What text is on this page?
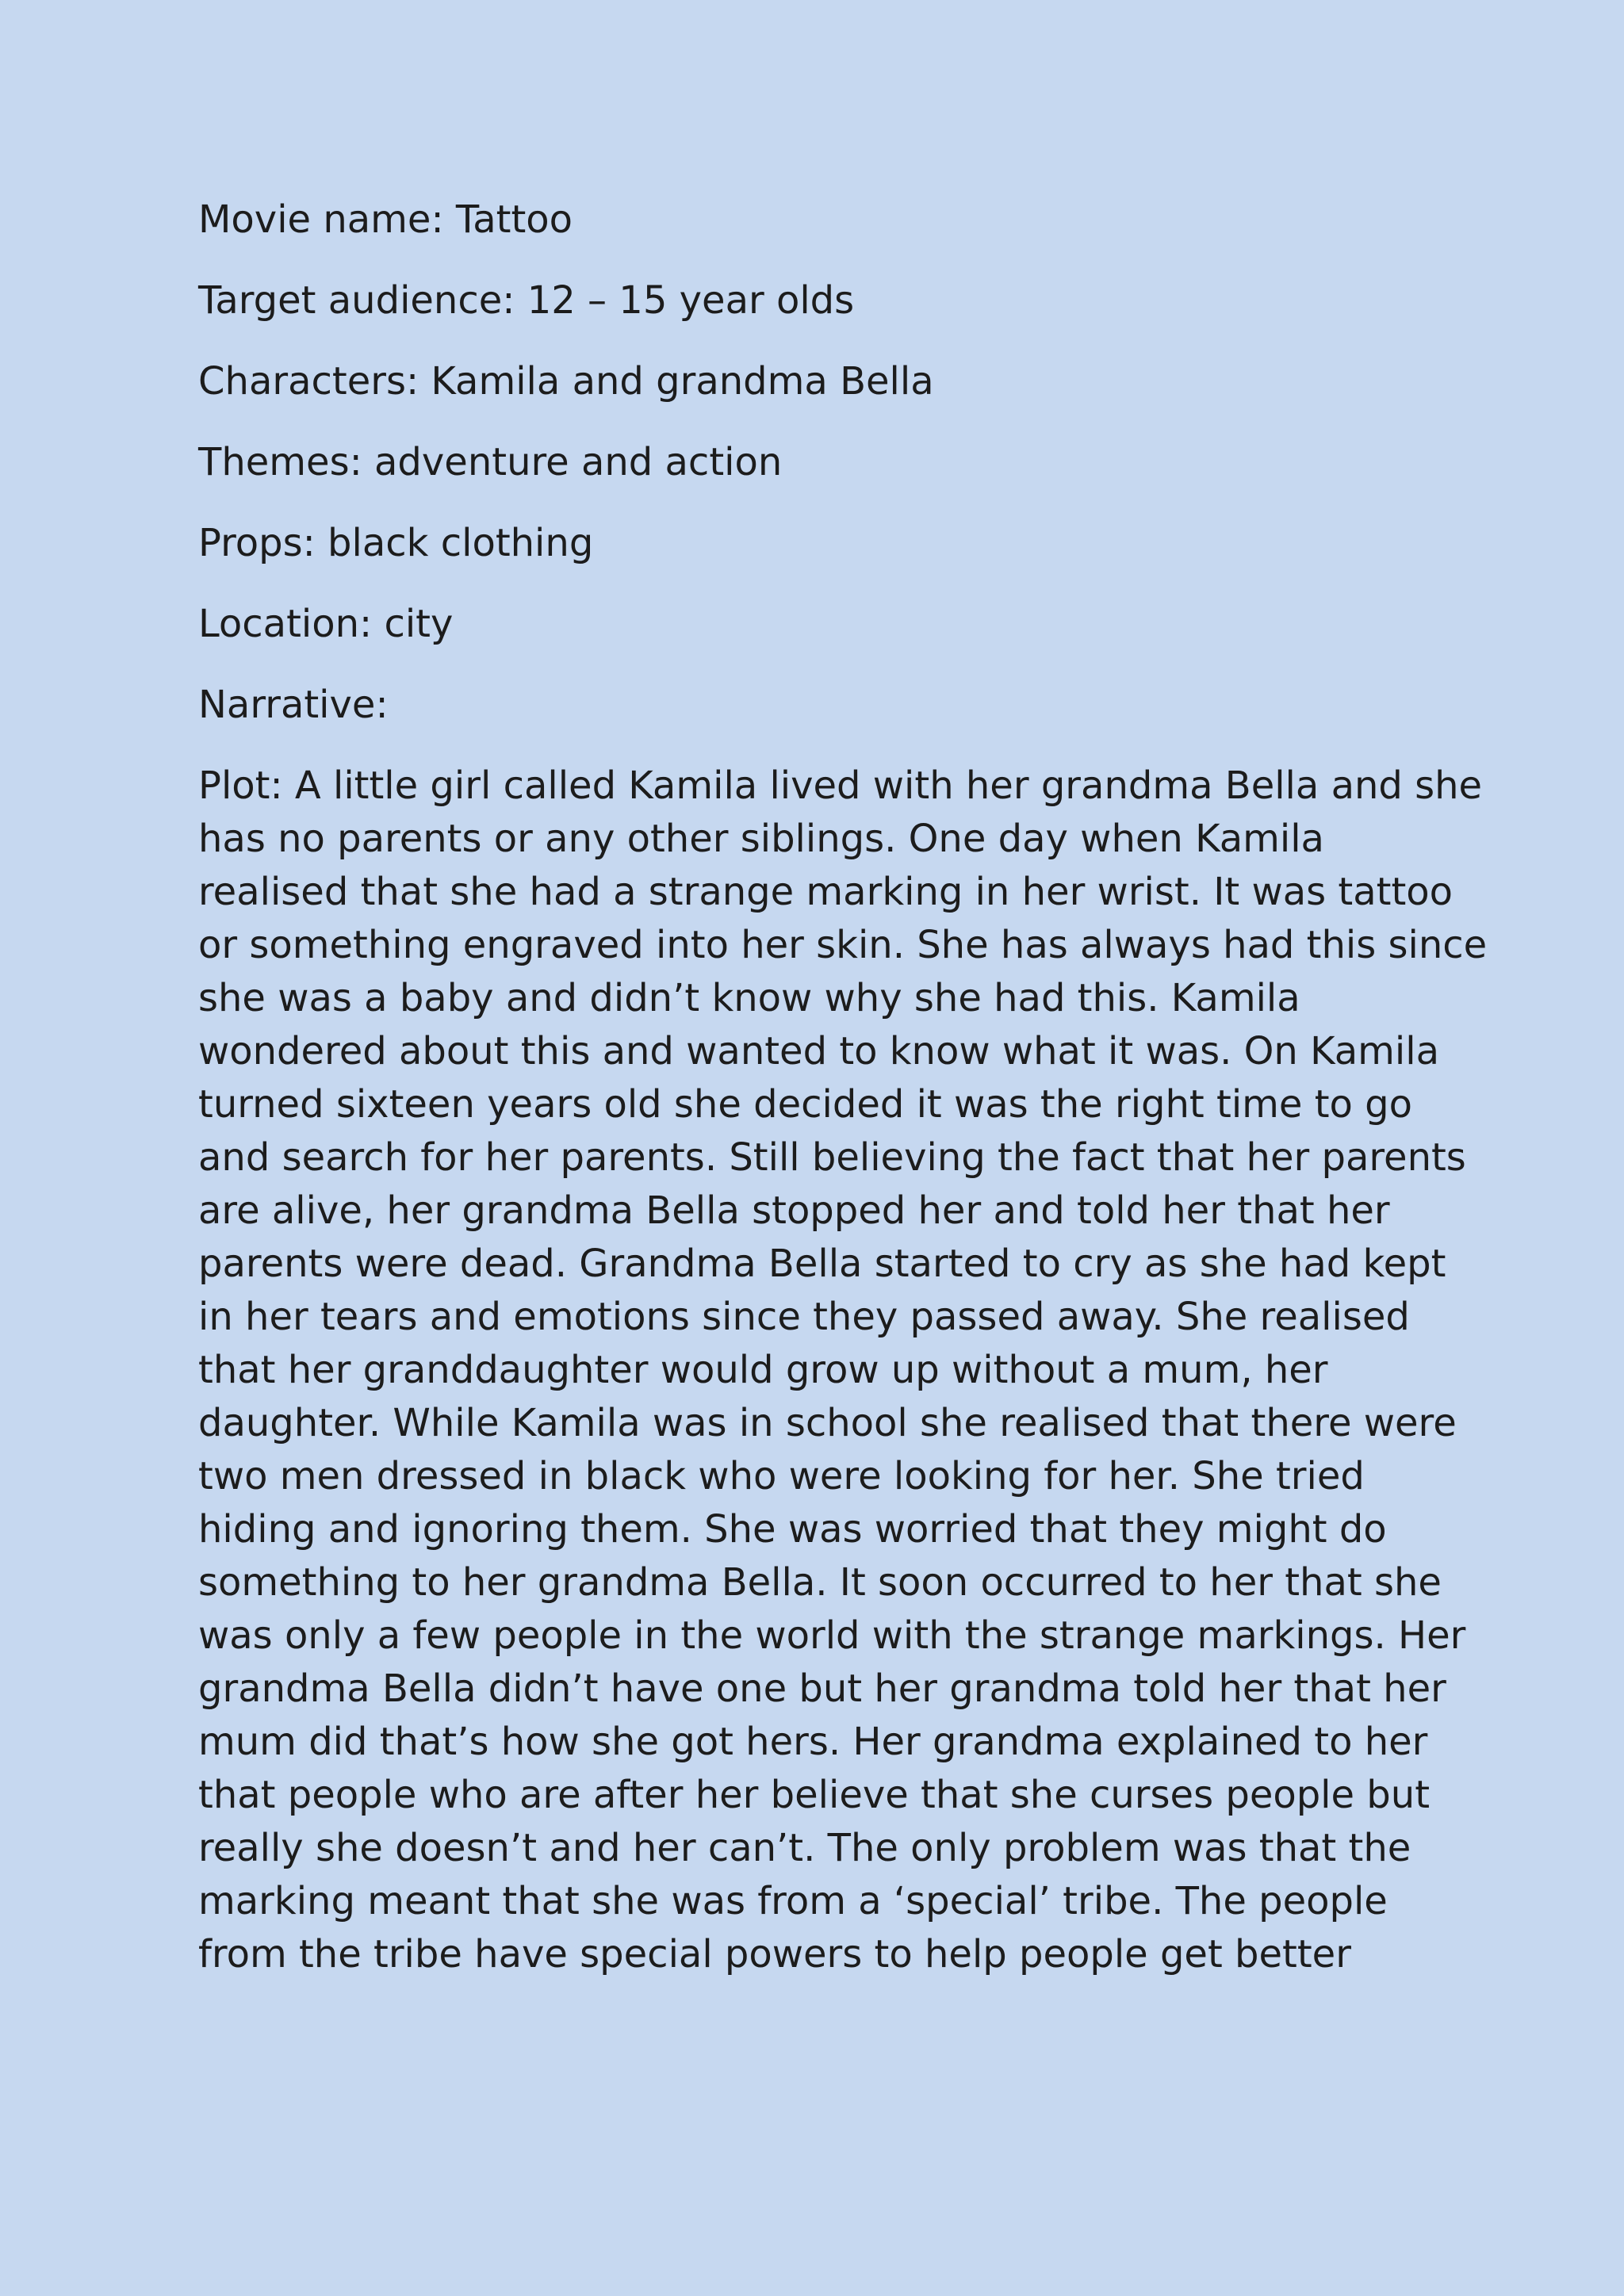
Movie name: Tattoo

Target audience: 12 – 15 year olds

Characters: Kamila and grandma Bella

Themes: adventure and action

Props: black clothing

Location: city

Narrative:

Plot: A little girl called Kamila lived with her grandma Bella and she
has no parents or any other siblings. One day when Kamila
realised that she had a strange marking in her wrist. It was tattoo
or something engraved into her skin. She has always had this since
she was a baby and didn’t know why she had this. Kamila
wondered about this and wanted to know what it was. On Kamila
turned sixteen years old she decided it was the right time to go
and search for her parents. Still believing the fact that her parents
are alive, her grandma Bella stopped her and told her that her
parents were dead. Grandma Bella started to cry as she had kept
in her tears and emotions since they passed away. She realised
that her granddaughter would grow up without a mum, her
daughter. While Kamila was in school she realised that there were
two men dressed in black who were looking for her. She tried
hiding and ignoring them. She was worried that they might do
something to her grandma Bella. It soon occurred to her that she
was only a few people in the world with the strange markings. Her
grandma Bella didn’t have one but her grandma told her that her
mum did that’s how she got hers. Her grandma explained to her
that people who are after her believe that she curses people but
really she doesn’t and her can’t. The only problem was that the
marking meant that she was from a ‘special’ tribe. The people
from the tribe have special powers to help people get better
